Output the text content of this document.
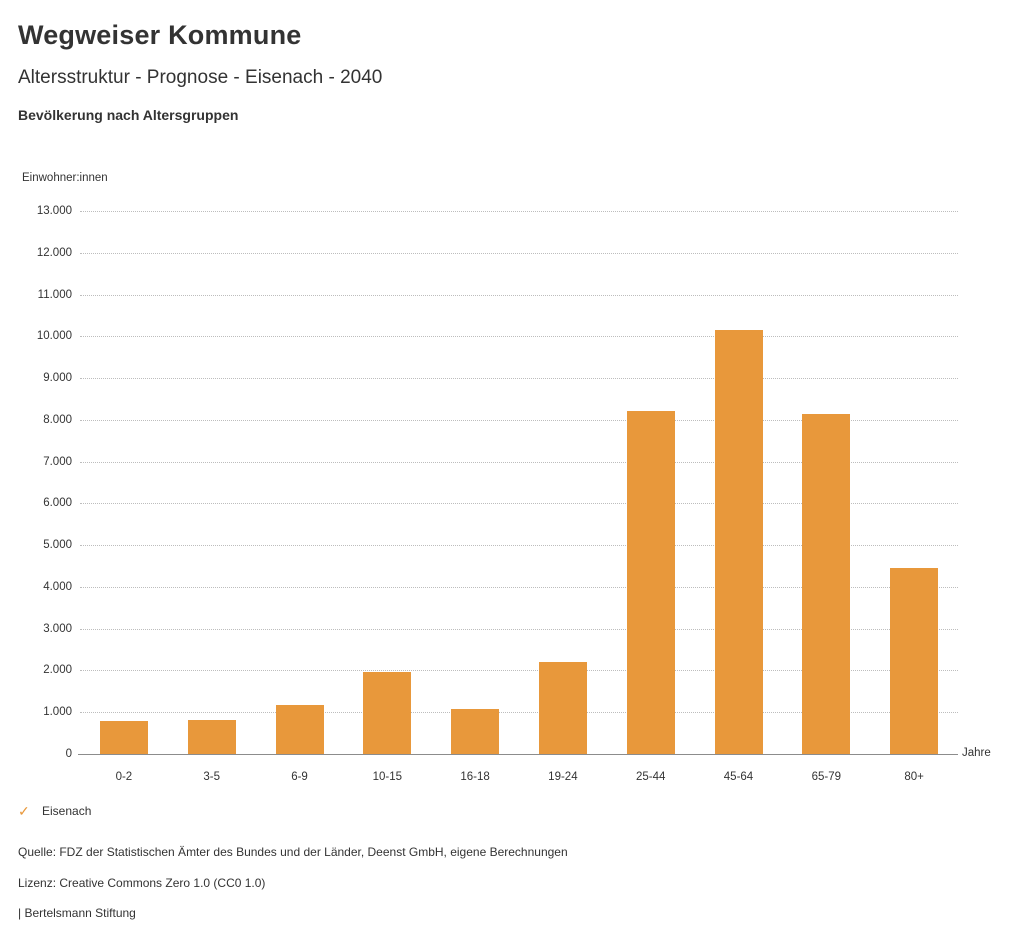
Wegweiser Kommune
Altersstruktur - Prognose - Eisenach - 2040
Bevölkerung nach Altersgruppen
Einwohner:innen
13.000
12.000
11.000
10.000
9.000
8.000
7.000
6.000
5.000
4.000
3.000
2.000
1.000
0
0-2	3-5	6-9	10-15	16-18	19-24	25-44	45-64	65-79	80+
Jahre
✓	Eisenach
Quelle: FDZ der Statistischen Ämter des Bundes und der Länder, Deenst GmbH, eigene Berechnungen
Lizenz: Creative Commons Zero 1.0 (CC0 1.0)
| Bertelsmann Stiftung
